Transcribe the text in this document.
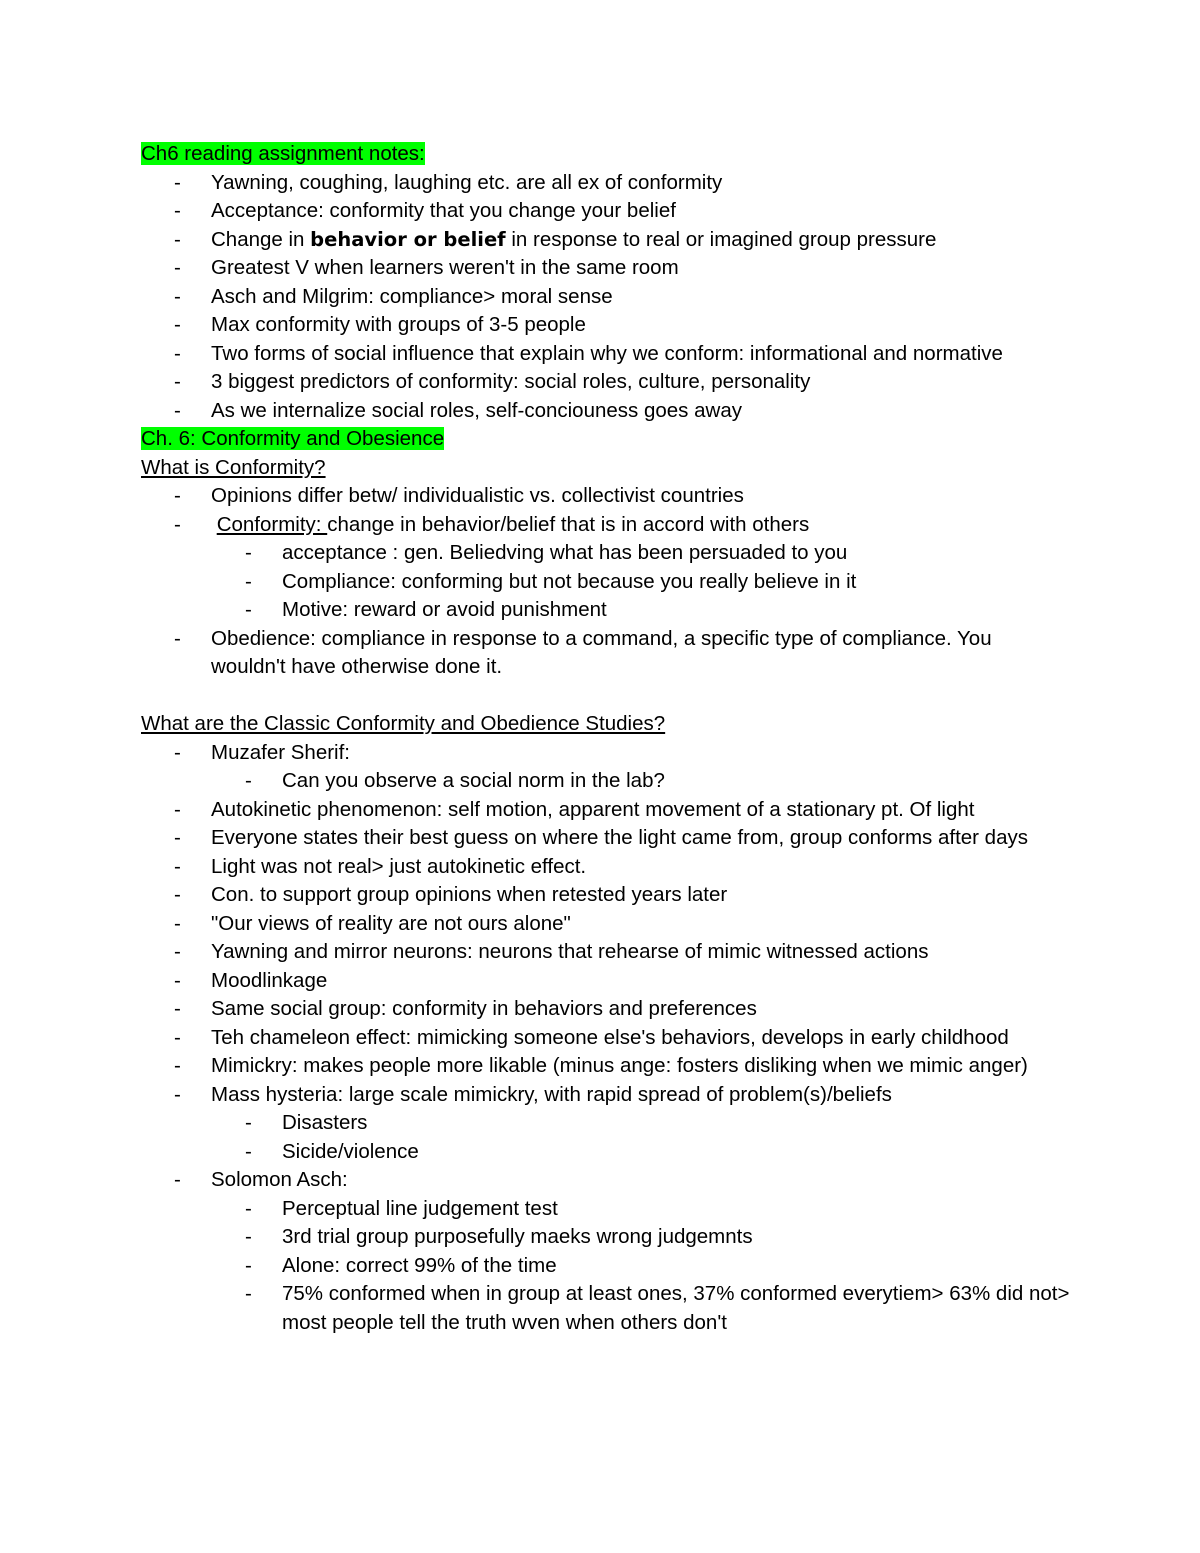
Ch6 reading assignment notes:
- Yawning, coughing, laughing etc. are all ex of conformity
- Acceptance: conformity that you change your belief
- Change in behavior or belief in response to real or imagined group pressure
- Greatest V when learners weren't in the same room
- Asch and Milgrim: compliance> moral sense
- Max conformity with groups of 3-5 people
- Two forms of social influence that explain why we conform: informational and normative
- 3 biggest predictors of conformity: social roles, culture, personality
- As we internalize social roles, self-conciouness goes away
Ch. 6: Conformity and Obesience
What is Conformity?
- Opinions differ betw/ individualistic vs. collectivist countries
- Conformity: change in behavior/belief that is in accord with others
- acceptance : gen. Beliedving what has been persuaded to you
- Compliance: conforming but not because you really believe in it
- Motive: reward or avoid punishment
- Obedience: compliance in response to a command, a specific type of compliance. You wouldn't have otherwise done it.
What are the Classic Conformity and Obedience Studies?
- Muzafer Sherif:
- Can you observe a social norm in the lab?
- Autokinetic phenomenon: self motion, apparent movement of a stationary pt. Of light
- Everyone states their best guess on where the light came from, group conforms after days
- Light was not real> just autokinetic effect.
- Con. to support group opinions when retested years later
- "Our views of reality are not ours alone"
- Yawning and mirror neurons: neurons that rehearse of mimic witnessed actions
- Moodlinkage
- Same social group: conformity in behaviors and preferences
- Teh chameleon effect: mimicking someone else's behaviors, develops in early childhood
- Mimickry: makes people more likable (minus ange: fosters disliking when we mimic anger)
- Mass hysteria: large scale mimickry, with rapid spread of problem(s)/beliefs
- Disasters
- Sicide/violence
- Solomon Asch:
- Perceptual line judgement test
- 3rd trial group purposefully maeks wrong judgemnts
- Alone: correct 99% of the time
- 75% conformed when in group at least ones, 37% conformed everytiem> 63% did not> most people tell the truth wven when others don't
